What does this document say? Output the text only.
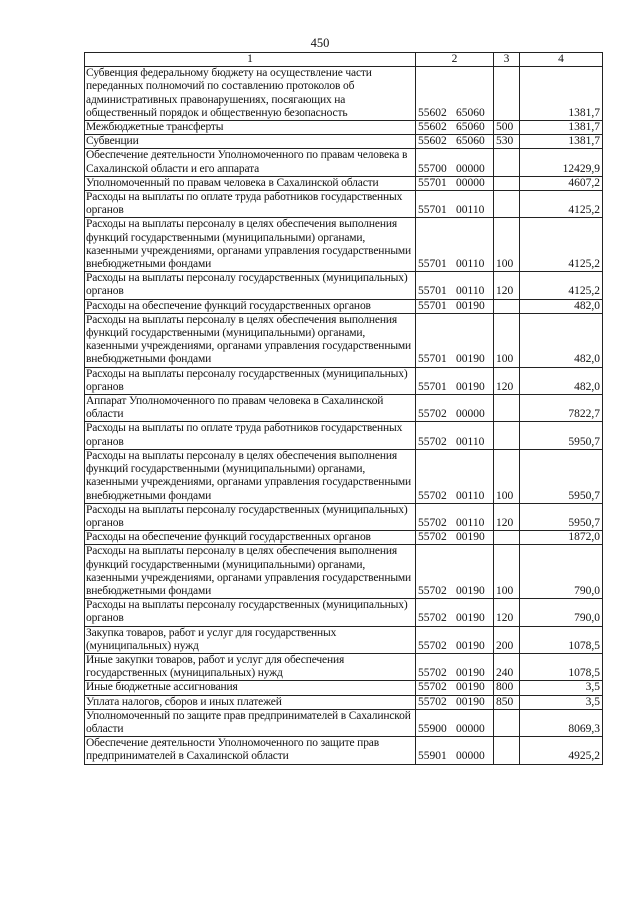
450
1	2	3	4
Субвенция федеральному бюджету на осуществление части переданных полномочий по составлению протоколов об административных правонарушениях, посягающих на общественный порядок и общественную безопасность	55602 65060		1381,7
Межбюджетные трансферты	55602 65060	500	1381,7
Субвенции	55602 65060	530	1381,7
Обеспечение деятельности Уполномоченного по правам человека в Сахалинской области и его аппарата	55700 00000		12429,9
Уполномоченный по правам человека в Сахалинской области	55701 00000		4607,2
Расходы на выплаты по оплате труда работников государственных органов	55701 00110		4125,2
Расходы на выплаты персоналу в целях обеспечения выполнения функций государственными (муниципальными) органами, казенными учреждениями, органами управления государственными внебюджетными фондами	55701 00110	100	4125,2
Расходы на выплаты персоналу государственных (муниципальных) органов	55701 00110	120	4125,2
Расходы на обеспечение функций государственных органов	55701 00190		482,0
Расходы на выплаты персоналу в целях обеспечения выполнения функций государственными (муниципальными) органами, казенными учреждениями, органами управления государственными внебюджетными фондами	55701 00190	100	482,0
Расходы на выплаты персоналу государственных (муниципальных) органов	55701 00190	120	482,0
Аппарат Уполномоченного по правам человека в Сахалинской области	55702 00000		7822,7
Расходы на выплаты по оплате труда работников государственных органов	55702 00110		5950,7
Расходы на выплаты персоналу в целях обеспечения выполнения функций государственными (муниципальными) органами, казенными учреждениями, органами управления государственными внебюджетными фондами	55702 00110	100	5950,7
Расходы на выплаты персоналу государственных (муниципальных) органов	55702 00110	120	5950,7
Расходы на обеспечение функций государственных органов	55702 00190		1872,0
Расходы на выплаты персоналу в целях обеспечения выполнения функций государственными (муниципальными) органами, казенными учреждениями, органами управления государственными внебюджетными фондами	55702 00190	100	790,0
Расходы на выплаты персоналу государственных (муниципальных) органов	55702 00190	120	790,0
Закупка товаров, работ и услуг для государственных (муниципальных) нужд	55702 00190	200	1078,5
Иные закупки товаров, работ и услуг для обеспечения государственных (муниципальных) нужд	55702 00190	240	1078,5
Иные бюджетные ассигнования	55702 00190	800	3,5
Уплата налогов, сборов и иных платежей	55702 00190	850	3,5
Уполномоченный по защите прав предпринимателей в Сахалинской области	55900 00000		8069,3
Обеспечение деятельности Уполномоченного по защите прав предпринимателей в Сахалинской области	55901 00000		4925,2
